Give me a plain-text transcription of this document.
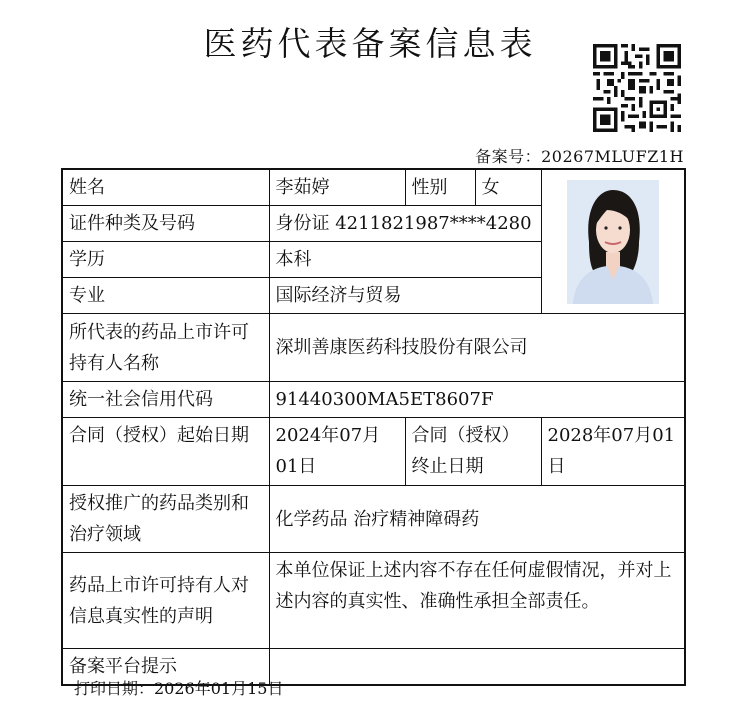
医药代表备案信息表
备案号：20267MLUFZ1H
姓名	李茹婷	性别	女	

证件种类及号码	身份证 4211821987****4280			
学历	本科			
专业	国际经济与贸易			
所代表的药品上市许可持有人名称	深圳善康医药科技股份有限公司			
统一社会信用代码	91440300MA5ET8607F			
合同（授权）起始日期	2024年07月01日	合同（授权）终止日期		2028年07月01日
授权推广的药品类别和治疗领域	化学药品 治疗精神障碍药			
药品上市许可持有人对信息真实性的声明	本单位保证上述内容不存在任何虚假情况，并对上述内容的真实性、准确性承担全部责任。			
备案平台提示				
打印日期：2026年01月15日
